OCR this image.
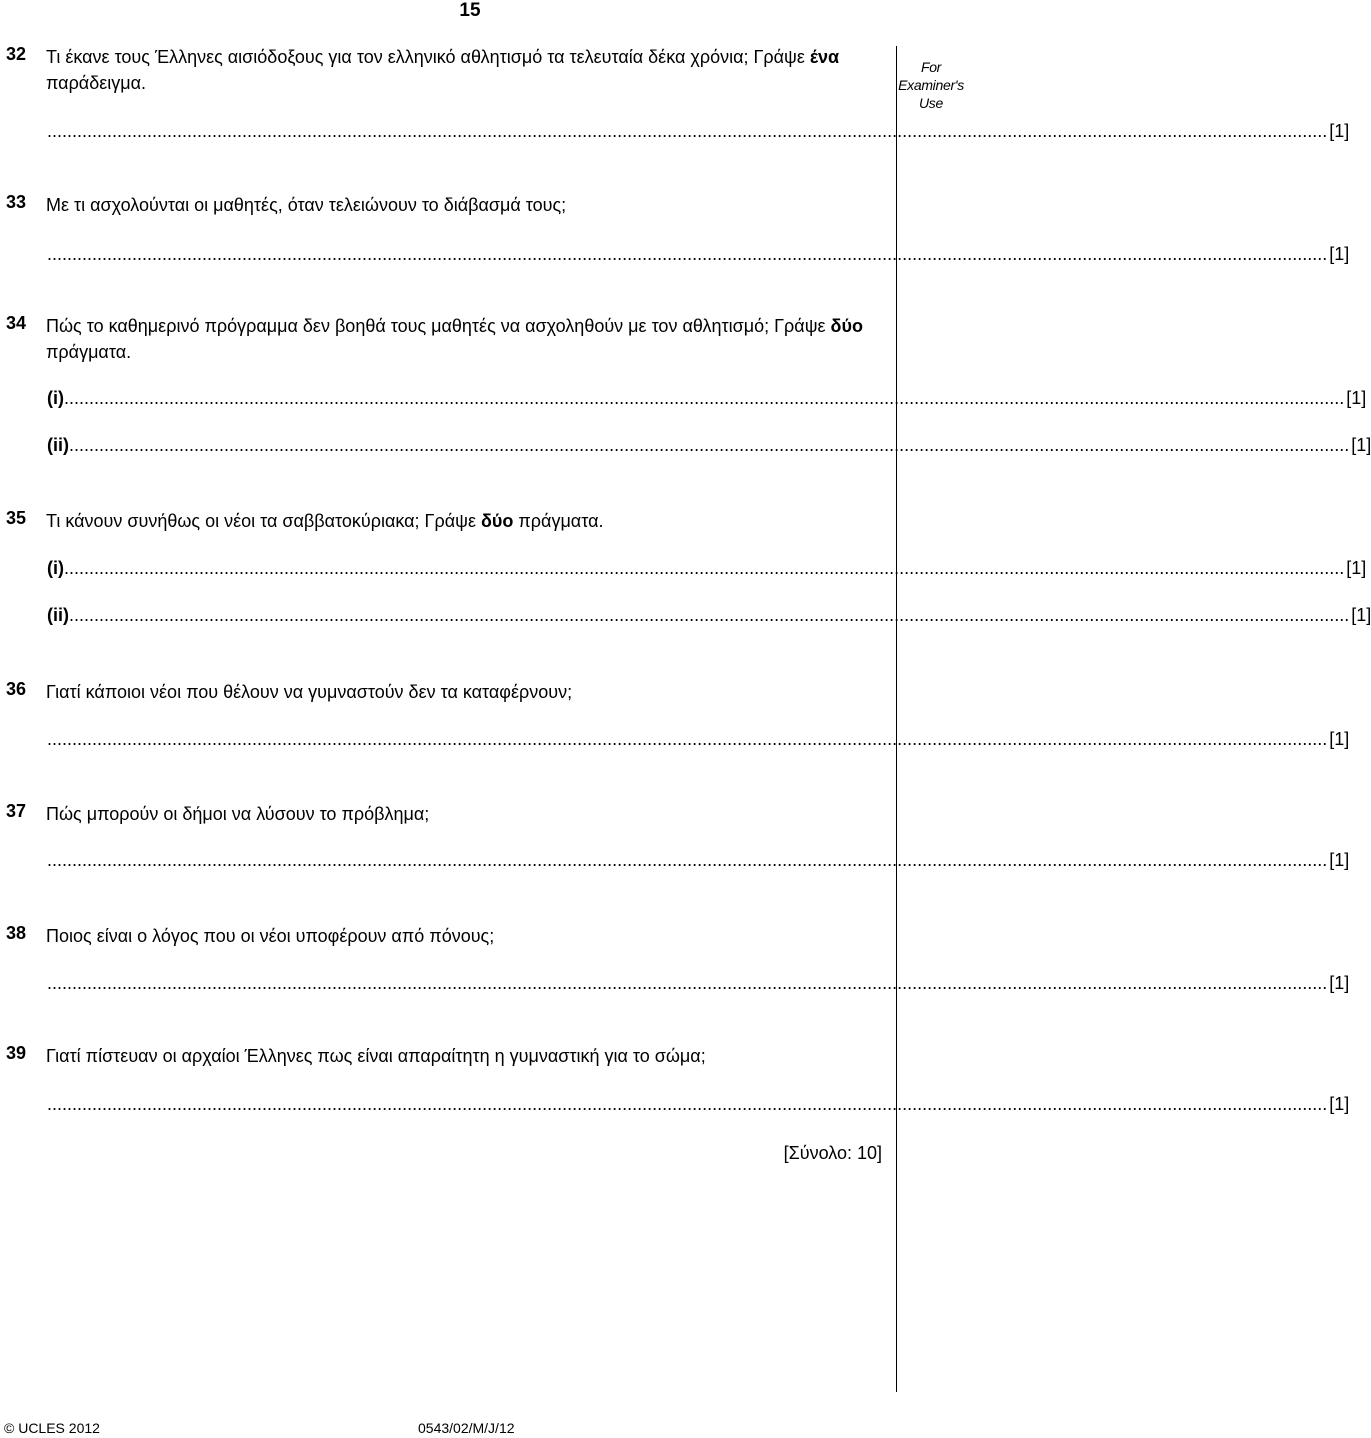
15
For
Examiner's
Use
32 Τι έκανε τους Έλληνες αισιόδοξους για τον ελληνικό αθλητισμό τα τελευταία δέκα χρόνια; Γράψε ένα παράδειγμα.
................................................................................................................................................................................................................................................................ [1]
33 Με τι ασχολούνται οι μαθητές, όταν τελειώνουν το διάβασμά τους;
................................................................................................................................................................................................................................................................ [1]
34 Πώς το καθημερινό πρόγραμμα δεν βοηθά τους μαθητές να ασχοληθούν με τον αθλητισμό; Γράψε δύο πράγματα.
(i) ................................................................................................................................................................................................................................................................ [1]
(ii) ................................................................................................................................................................................................................................................................ [1]
35 Τι κάνουν συνήθως οι νέοι τα σαββατοκύριακα; Γράψε δύο πράγματα.
(i) ................................................................................................................................................................................................................................................................ [1]
(ii) ................................................................................................................................................................................................................................................................ [1]
36 Γιατί κάποιοι νέοι που θέλουν να γυμναστούν δεν τα καταφέρνουν;
................................................................................................................................................................................................................................................................ [1]
37 Πώς μπορούν οι δήμοι να λύσουν το πρόβλημα;
................................................................................................................................................................................................................................................................ [1]
38 Ποιος είναι ο λόγος που οι νέοι υποφέρουν από πόνους;
................................................................................................................................................................................................................................................................ [1]
39 Γιατί πίστευαν οι αρχαίοι Έλληνες πως είναι απαραίτητη η γυμναστική για το σώμα;
................................................................................................................................................................................................................................................................ [1]
[Σύνολο: 10]
© UCLES 2012	0543/02/M/J/12
